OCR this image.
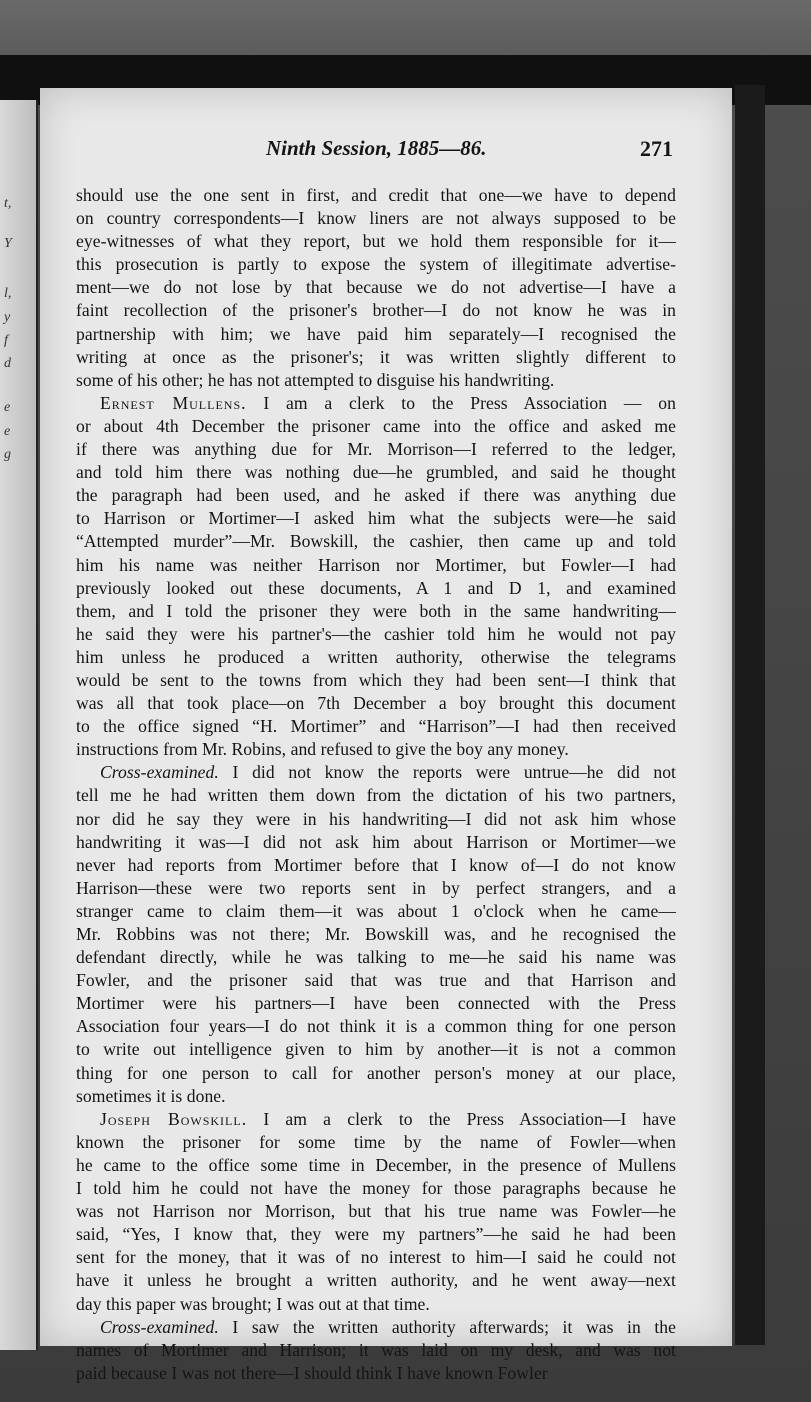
t,
Y
l,
y
f
d
e
e
g
Ninth Session, 1885—86.	271
should use the one sent in first, and credit that one—we have to depend
on country correspondents—I know liners are not always supposed to be
eye-witnesses of what they report, but we hold them responsible for it—
this prosecution is partly to expose the system of illegitimate advertise-
ment—we do not lose by that because we do not advertise—I have a
faint recollection of the prisoner's brother—I do not know he was in
partnership with him; we have paid him separately—I recognised the
writing at once as the prisoner's; it was written slightly different to
some of his other; he has not attempted to disguise his handwriting.
Ernest Mullens. I am a clerk to the Press Association — on
or about 4th December the prisoner came into the office and asked me
if there was anything due for Mr. Morrison—I referred to the ledger,
and told him there was nothing due—he grumbled, and said he thought
the paragraph had been used, and he asked if there was anything due
to Harrison or Mortimer—I asked him what the subjects were—he said
“Attempted murder”—Mr. Bowskill, the cashier, then came up and told
him his name was neither Harrison nor Mortimer, but Fowler—I had
previously looked out these documents, A 1 and D 1, and examined
them, and I told the prisoner they were both in the same handwriting—
he said they were his partner's—the cashier told him he would not pay
him unless he produced a written authority, otherwise the telegrams
would be sent to the towns from which they had been sent—I think that
was all that took place—on 7th December a boy brought this document
to the office signed “H. Mortimer” and “Harrison”—I had then received
instructions from Mr. Robins, and refused to give the boy any money.
Cross-examined. I did not know the reports were untrue—he did not
tell me he had written them down from the dictation of his two partners,
nor did he say they were in his handwriting—I did not ask him whose
handwriting it was—I did not ask him about Harrison or Mortimer—we
never had reports from Mortimer before that I know of—I do not know
Harrison—these were two reports sent in by perfect strangers, and a
stranger came to claim them—it was about 1 o'clock when he came—
Mr. Robbins was not there; Mr. Bowskill was, and he recognised the
defendant directly, while he was talking to me—he said his name was
Fowler, and the prisoner said that was true and that Harrison and
Mortimer were his partners—I have been connected with the Press
Association four years—I do not think it is a common thing for one person
to write out intelligence given to him by another—it is not a common
thing for one person to call for another person's money at our place,
sometimes it is done.
Joseph Bowskill. I am a clerk to the Press Association—I have
known the prisoner for some time by the name of Fowler—when
he came to the office some time in December, in the presence of Mullens
I told him he could not have the money for those paragraphs because he
was not Harrison nor Morrison, but that his true name was Fowler—he
said, “Yes, I know that, they were my partners”—he said he had been
sent for the money, that it was of no interest to him—I said he could not
have it unless he brought a written authority, and he went away—next
day this paper was brought; I was out at that time.
Cross-examined. I saw the written authority afterwards; it was in the
names of Mortimer and Harrison; it was laid on my desk, and was not
paid because I was not there—I should think I have known Fowler
